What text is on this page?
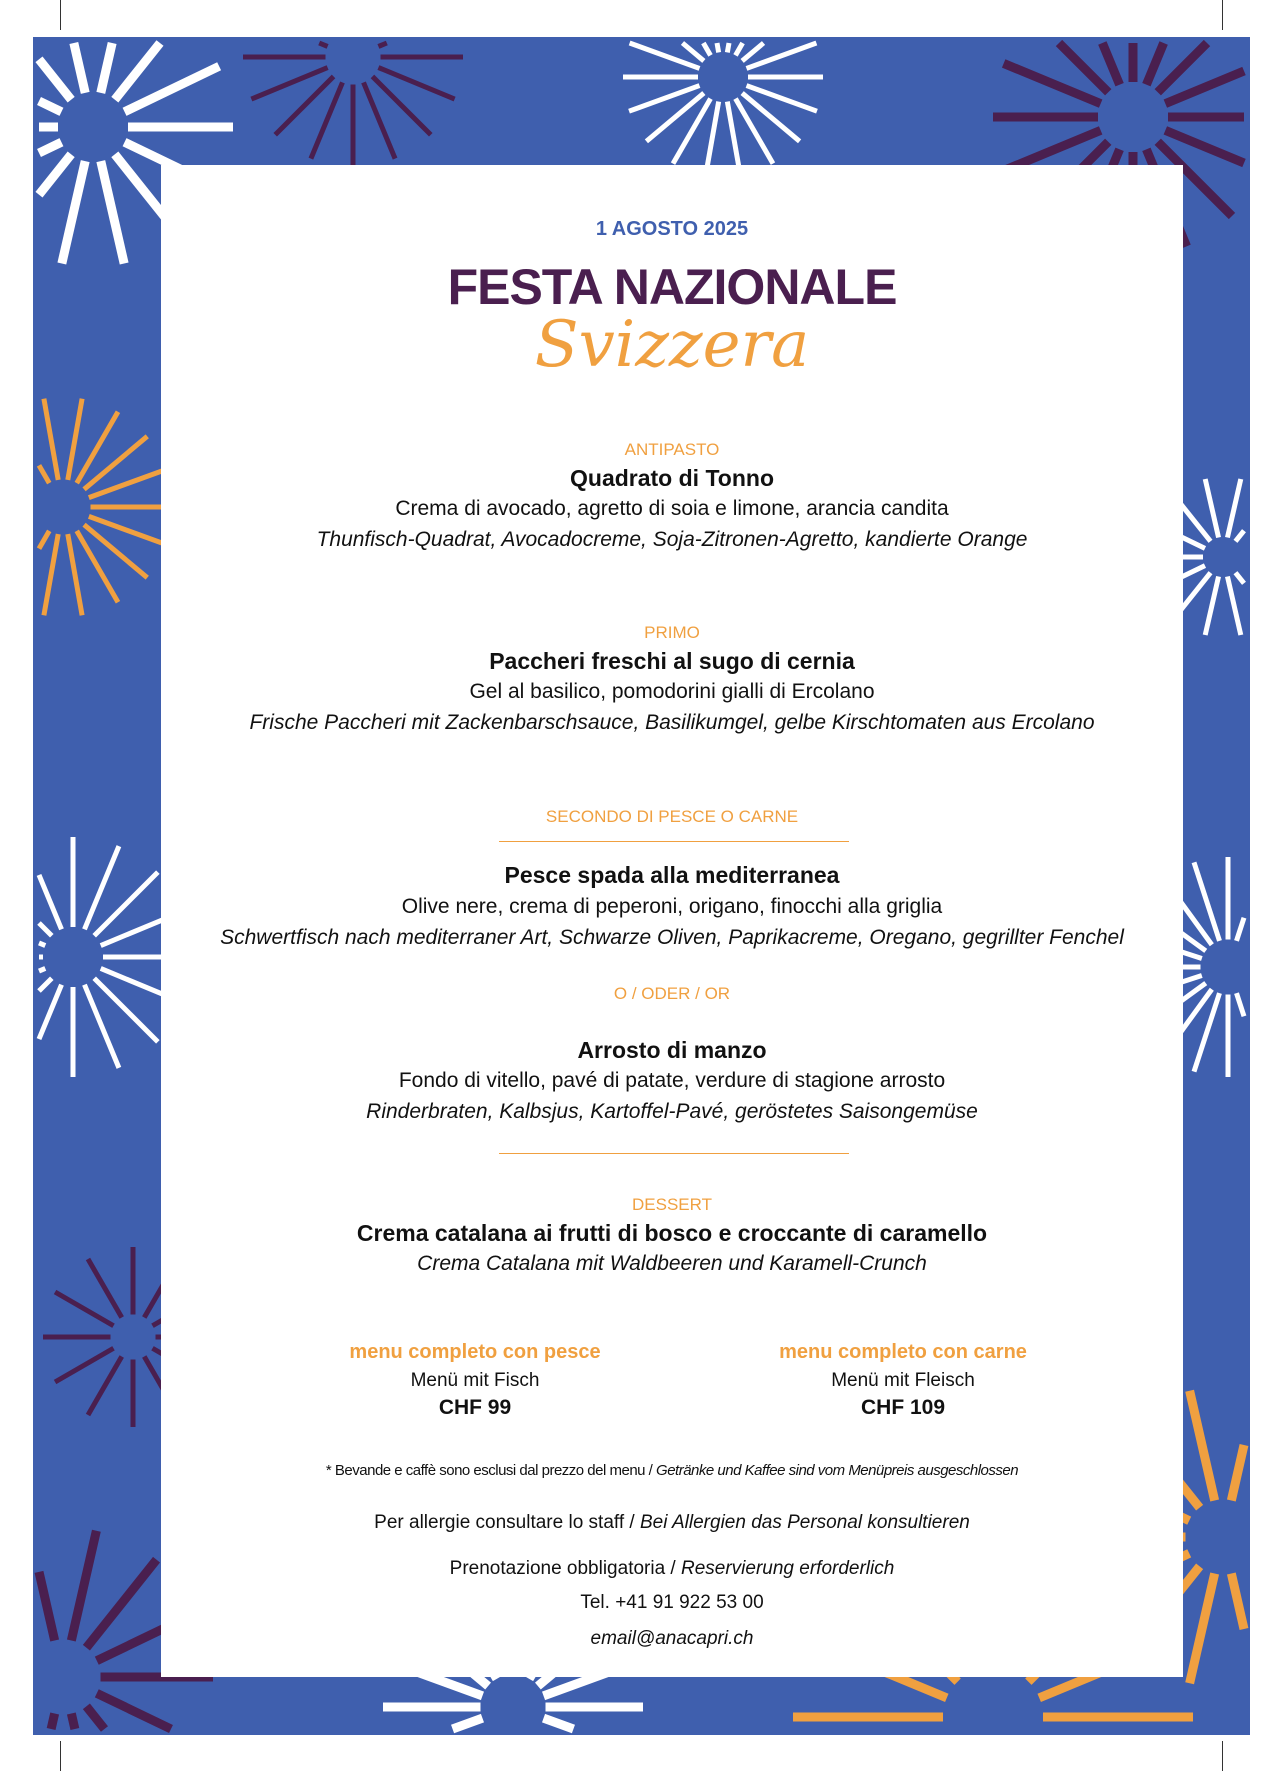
1 AGOSTO 2025
FESTA NAZIONALE
Svizzera
ANTIPASTO
Quadrato di Tonno
Crema di avocado, agretto di soia e limone, arancia candita
Thunfisch-Quadrat, Avocadocreme, Soja-Zitronen-Agretto, kandierte Orange
PRIMO
Paccheri freschi al sugo di cernia
Gel al basilico, pomodorini gialli di Ercolano
Frische Paccheri mit Zackenbarschsauce, Basilikumgel, gelbe Kirschtomaten aus Ercolano
SECONDO DI PESCE O CARNE
Pesce spada alla mediterranea
Olive nere, crema di peperoni, origano, finocchi alla griglia
Schwertfisch nach mediterraner Art, Schwarze Oliven, Paprikacreme, Oregano, gegrillter Fenchel
O / ODER / OR
Arrosto di manzo
Fondo di vitello, pavé di patate, verdure di stagione arrosto
Rinderbraten, Kalbsjus, Kartoffel-Pavé, geröstetes Saisongemüse
DESSERT
Crema catalana ai frutti di bosco e croccante di caramello
Crema Catalana mit Waldbeeren und Karamell-Crunch
menu completo con pesce
Menü mit Fisch
CHF 99
menu completo con carne
Menü mit Fleisch
CHF 109
* Bevande e caffè sono esclusi dal prezzo del menu / Getränke und Kaffee sind vom Menüpreis ausgeschlossen
Per allergie consultare lo staff / Bei Allergien das Personal konsultieren
Prenotazione obbligatoria / Reservierung erforderlich
Tel. +41 91 922 53 00
email@anacapri.ch
